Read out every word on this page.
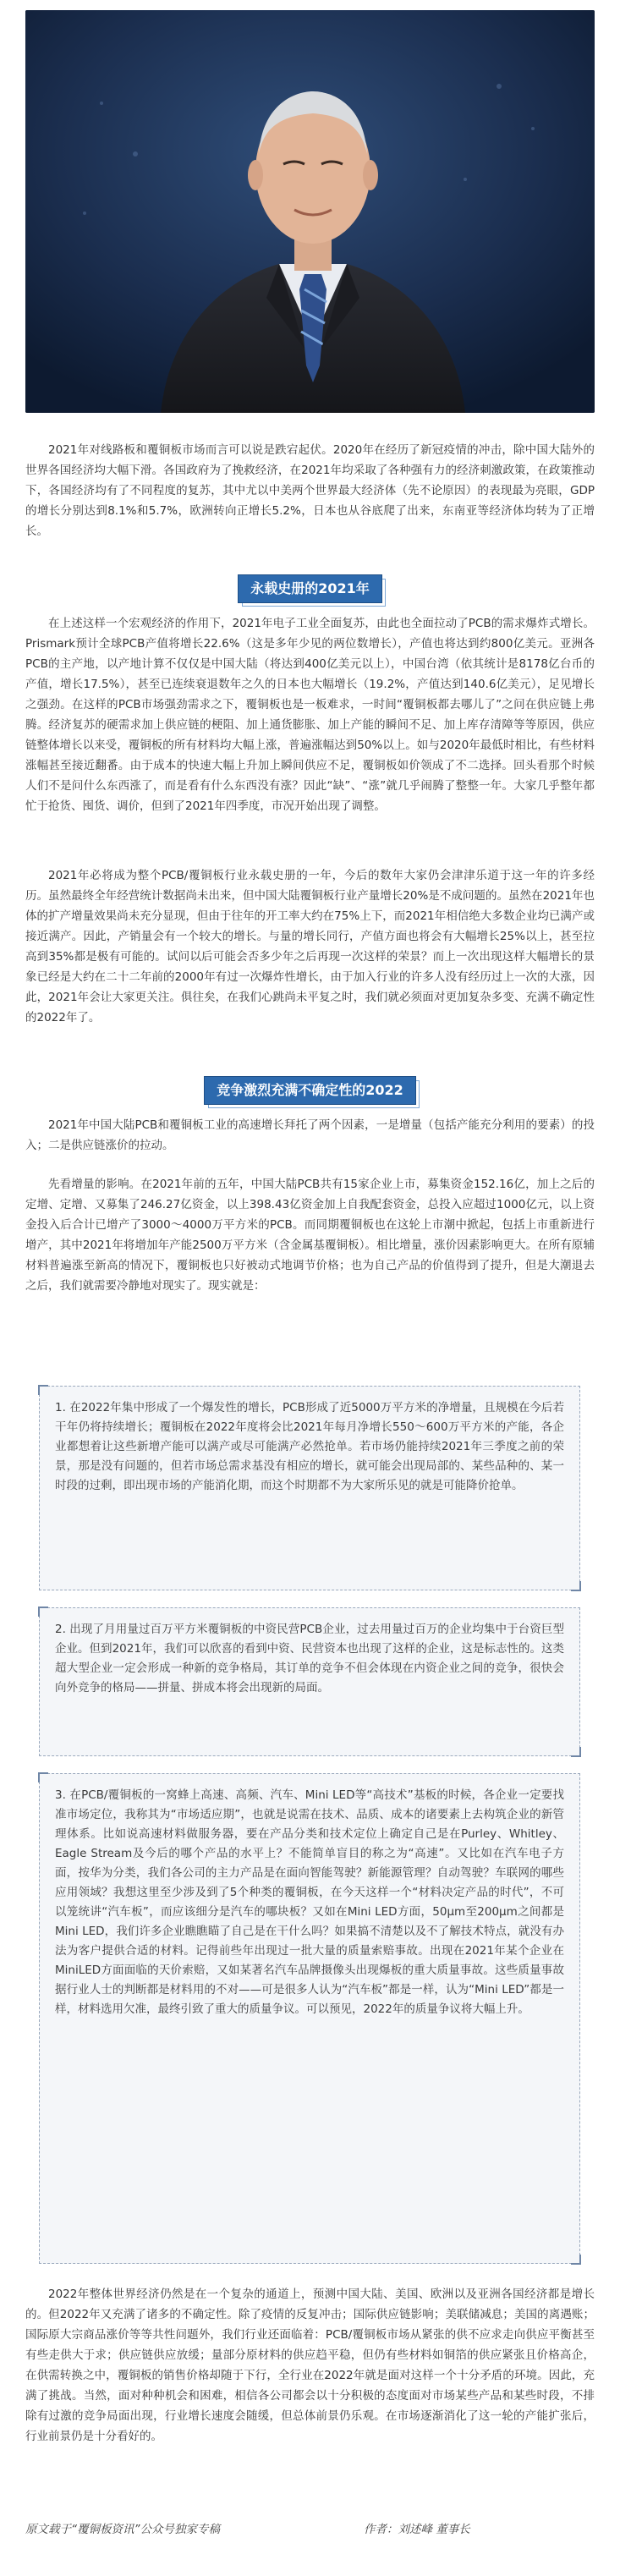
2021年对线路板和覆铜板市场而言可以说是跌宕起伏。2020年在经历了新冠疫情的冲击，除中国大陆外的世界各国经济均大幅下滑。各国政府为了挽救经济，在2021年均采取了各种强有力的经济刺激政策，在政策推动下，各国经济均有了不同程度的复苏，其中尤以中美两个世界最大经济体（先不论原因）的表现最为亮眼，GDP的增长分别达到8.1%和5.7%，欧洲转向正增长5.2%，日本也从谷底爬了出来，东南亚等经济体均转为了正增长。

永载史册的2021年

在上述这样一个宏观经济的作用下，2021年电子工业全面复苏，由此也全面拉动了PCB的需求爆炸式增长。Prismark预计全球PCB产值将增长22.6%（这是多年少见的两位数增长），产值也将达到约800亿美元。亚洲各PCB的主产地，以产地计算不仅仅是中国大陆（将达到400亿美元以上），中国台湾（依其统计是8178亿台币的产值，增长17.5%），甚至已连续衰退数年之久的日本也大幅增长（19.2%，产值达到140.6亿美元），足见增长之强劲。在这样的PCB市场强劲需求之下，覆铜板也是一板难求，一时间“覆铜板都去哪儿了”之问在供应链上弗腾。经济复苏的硬需求加上供应链的梗阻、加上通货膨胀、加上产能的瞬间不足、加上库存清障等等原因，供应链整体增长以来受，覆铜板的所有材料均大幅上涨，普遍涨幅达到50%以上。如与2020年最低时相比，有些材料涨幅甚至接近翻番。由于成本的快速大幅上升加上瞬间供应不足，覆铜板如价领成了不二选择。回头看那个时候人们不是问什么东西涨了，而是看有什么东西没有涨？因此“缺”、“涨”就几乎闹腾了整整一年。大家几乎整年都忙于抢货、囤货、调价，但到了2021年四季度，市况开始出现了调整。

2021年必将成为整个PCB/覆铜板行业永载史册的一年，今后的数年大家仍会津津乐道于这一年的许多经历。虽然最终全年经营统计数据尚未出来，但中国大陆覆铜板行业产量增长20%是不成问题的。虽然在2021年也体的扩产增量效果尚未充分显现，但由于往年的开工率大约在75%上下，而2021年相信绝大多数企业均已满产或接近满产。因此，产销量会有一个较大的增长。与量的增长同行，产值方面也将会有大幅增长25%以上，甚至拉高到35%都是极有可能的。试问以后可能会否多少年之后再现一次这样的荣景？而上一次出现这样大幅增长的景象已经是大约在二十二年前的2000年有过一次爆炸性增长，由于加入行业的许多人没有经历过上一次的大涨，因此，2021年会让大家更关注。俱往矣，在我们心跳尚未平复之时，我们就必须面对更加复杂多变、充满不确定性的2022年了。

竞争激烈充满不确定性的2022

2021年中国大陆PCB和覆铜板工业的高速增长拜托了两个因素，一是增量（包括产能充分利用的要素）的投入；二是供应链涨价的拉动。

先看增量的影响。在2021年前的五年，中国大陆PCB共有15家企业上市，募集资金152.16亿，加上之后的定增、定增、又募集了246.27亿资金，以上398.43亿资金加上自我配套资金，总投入应超过1000亿元，以上资金投入后合计已增产了3000～4000万平方米的PCB。而同期覆铜板也在这轮上市潮中掀起，包括上市重新进行增产，其中2021年将增加年产能2500万平方米（含金属基覆铜板）。相比增量，涨价因素影响更大。在所有原辅材料普遍涨至新高的情况下，覆铜板也只好被动式地调节价格；也为自己产品的价值得到了提升，但是大潮退去之后，我们就需要冷静地对现实了。现实就是：

1. 在2022年集中形成了一个爆发性的增长，PCB形成了近5000万平方米的净增量，且规模在今后若干年仍将持续增长；覆铜板在2022年度将会比2021年每月净增长550～600万平方米的产能，各企业都想着让这些新增产能可以满产或尽可能满产必然抢单。若市场仍能持续2021年三季度之前的荣景，那是没有问题的，但若市场总需求基没有相应的增长，就可能会出现局部的、某些品种的、某一时段的过剩，即出现市场的产能消化期，而这个时期都不为大家所乐见的就是可能降价抢单。

2. 出现了月用量过百万平方米覆铜板的中资民营PCB企业，过去用量过百万的企业均集中于台资巨型企业。但到2021年，我们可以欣喜的看到中资、民营资本也出现了这样的企业，这是标志性的。这类超大型企业一定会形成一种新的竞争格局，其订单的竞争不但会体现在内资企业之间的竞争，很快会向外竞争的格局——拼量、拼成本将会出现新的局面。

3. 在PCB/覆铜板的一窝蜂上高速、高频、汽车、Mini LED等“高技术”基板的时候，各企业一定要找准市场定位，我称其为“市场适应期”，也就是说需在技术、品质、成本的诸要素上去构筑企业的新管理体系。比如说高速材料做服务器，要在产品分类和技术定位上确定自己是在Purley、Whitley、Eagle Stream及今后的哪个产品的水平上？不能简单盲目的称之为“高速”。又比如在汽车电子方面，按华为分类，我们各公司的主力产品是在面向智能驾驶？新能源管理？自动驾驶？车联网的哪些应用领域？我想这里至少涉及到了5个种类的覆铜板，在今天这样一个“材料决定产品的时代”，不可以笼统讲“汽车板”，而应该细分是汽车的哪块板？又如在Mini LED方面，50μm至200μm之间都是Mini LED，我们许多企业瞧瞧瞄了自己是在干什么吗？如果搞不清楚以及不了解技术特点，就没有办法为客户提供合适的材料。记得前些年出现过一批大量的质量索赔事故。出现在2021年某个企业在MiniLED方面面临的天价索赔，又如某著名汽车品牌摄像头出现爆板的重大质量事故。这些质量事故据行业人士的判断都是材料用的不对——可是很多人认为“汽车板”都是一样，认为“Mini LED”都是一样，材料选用欠准，最终引致了重大的质量争议。可以预见，2022年的质量争议将大幅上升。

2022年整体世界经济仍然是在一个复杂的通道上，预测中国大陆、美国、欧洲以及亚洲各国经济都是增长的。但2022年又充满了诸多的不确定性。除了疫情的反复冲击；国际供应链影响；美联储减息；美国的离遇账；国际原大宗商品涨价等等共性问题外，我们行业还面临着：PCB/覆铜板市场从紧张的供不应求走向供应平衡甚至有些走供大于求；供应链供应放缓；量部分原材料的供应趋平稳，但仍有些材料如铜箔的供应紧张且价格高企，在供需转换之中，覆铜板的销售价格却随于下行，全行业在2022年就是面对这样一个十分矛盾的环境。因此，充满了挑战。当然，面对种种机会和困难，相信各公司都会以十分积极的态度面对市场某些产品和某些时段，不排除有过激的竞争局面出现，行业增长速度会随缓，但总体前景仍乐观。在市场逐渐消化了这一轮的产能扩张后，行业前景仍是十分看好的。

原文载于“覆铜板资讯”公众号独家专稿	作者：刘述峰 董事长
